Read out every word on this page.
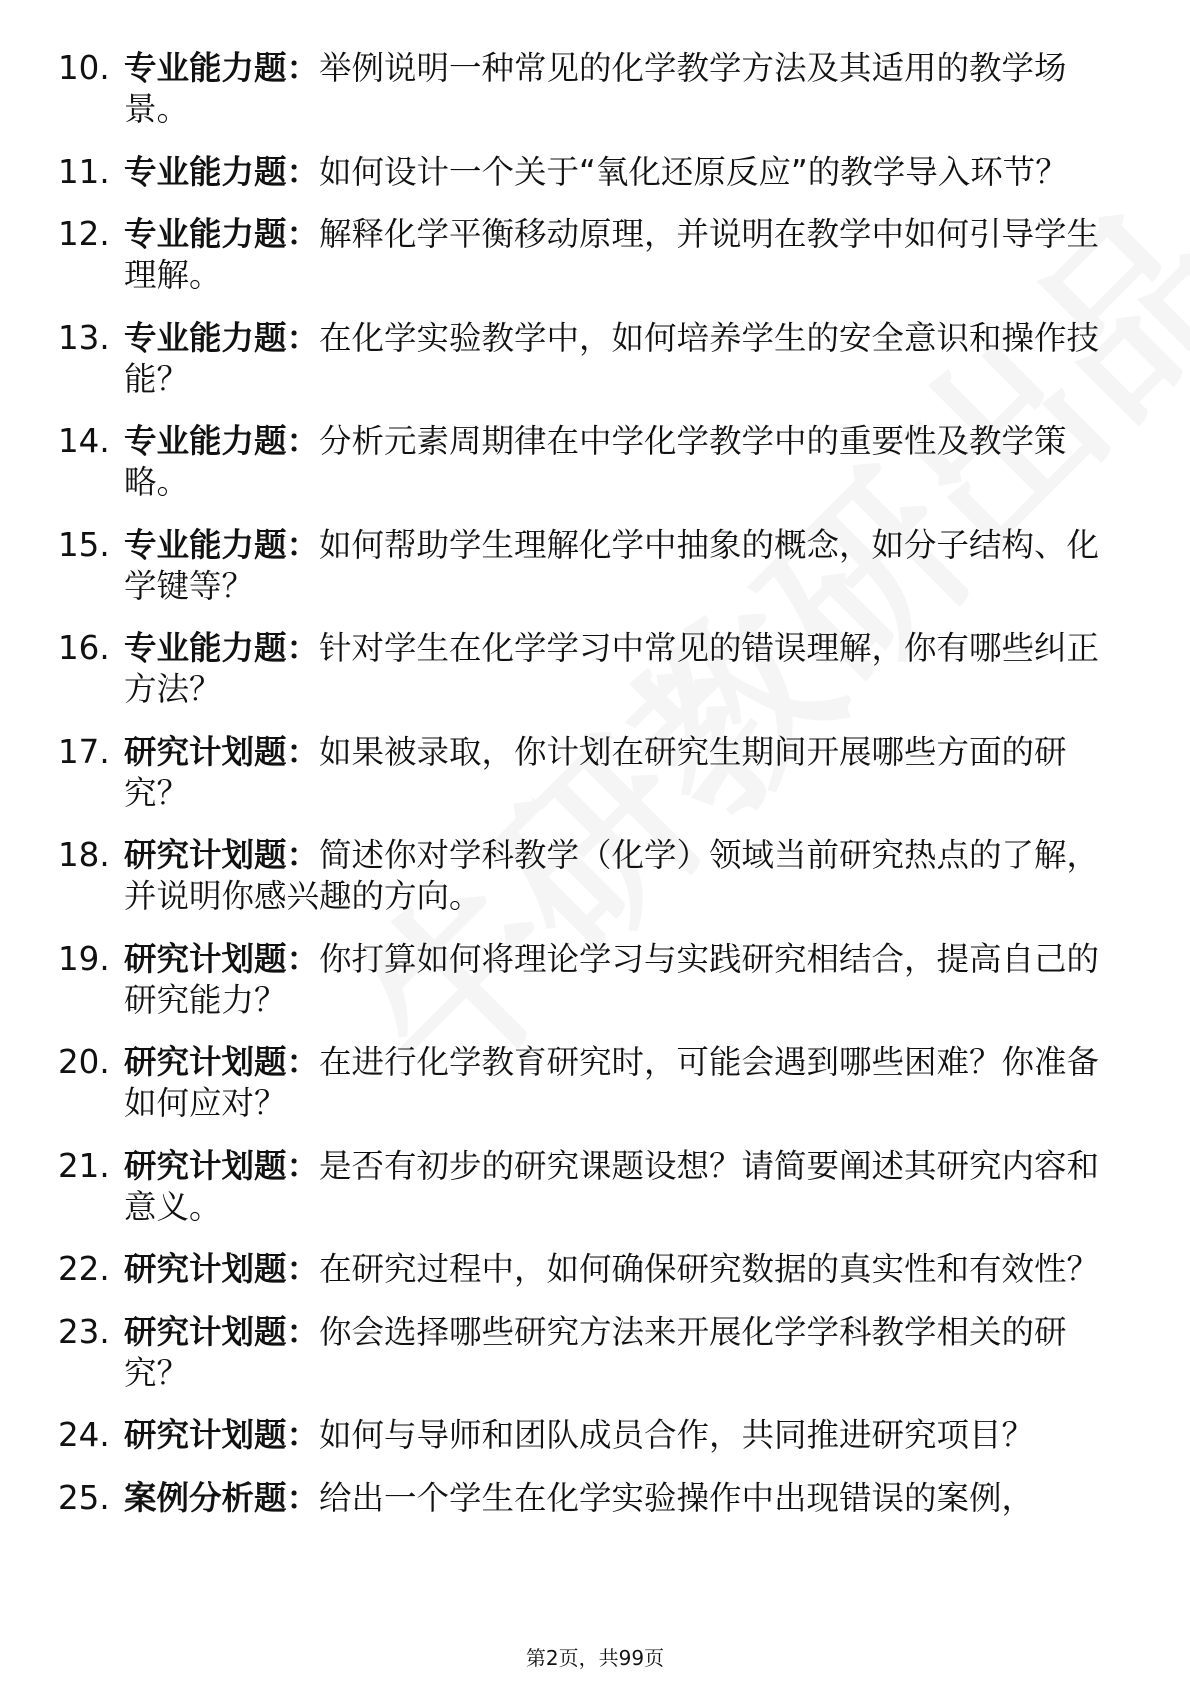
10. 专业能力题：举例说明一种常见的化学教学方法及其适用的教学场景。
11. 专业能力题：如何设计一个关于“氧化还原反应”的教学导入环节？
12. 专业能力题：解释化学平衡移动原理，并说明在教学中如何引导学生理解。
13. 专业能力题：在化学实验教学中，如何培养学生的安全意识和操作技能？
14. 专业能力题：分析元素周期律在中学化学教学中的重要性及教学策略。
15. 专业能力题：如何帮助学生理解化学中抽象的概念，如分子结构、化学键等？
16. 专业能力题：针对学生在化学学习中常见的错误理解，你有哪些纠正方法？
17. 研究计划题：如果被录取，你计划在研究生期间开展哪些方面的研究？
18. 研究计划题：简述你对学科教学（化学）领域当前研究热点的了解，并说明你感兴趣的方向。
19. 研究计划题：你打算如何将理论学习与实践研究相结合，提高自己的研究能力？
20. 研究计划题：在进行化学教育研究时，可能会遇到哪些困难？你准备如何应对？
21. 研究计划题：是否有初步的研究课题设想？请简要阐述其研究内容和意义。
22. 研究计划题：在研究过程中，如何确保研究数据的真实性和有效性？
23. 研究计划题：你会选择哪些研究方法来开展化学学科教学相关的研究？
24. 研究计划题：如何与导师和团队成员合作，共同推进研究项目？
25. 案例分析题：给出一个学生在化学实验操作中出现错误的案例，
第2页，共99页
